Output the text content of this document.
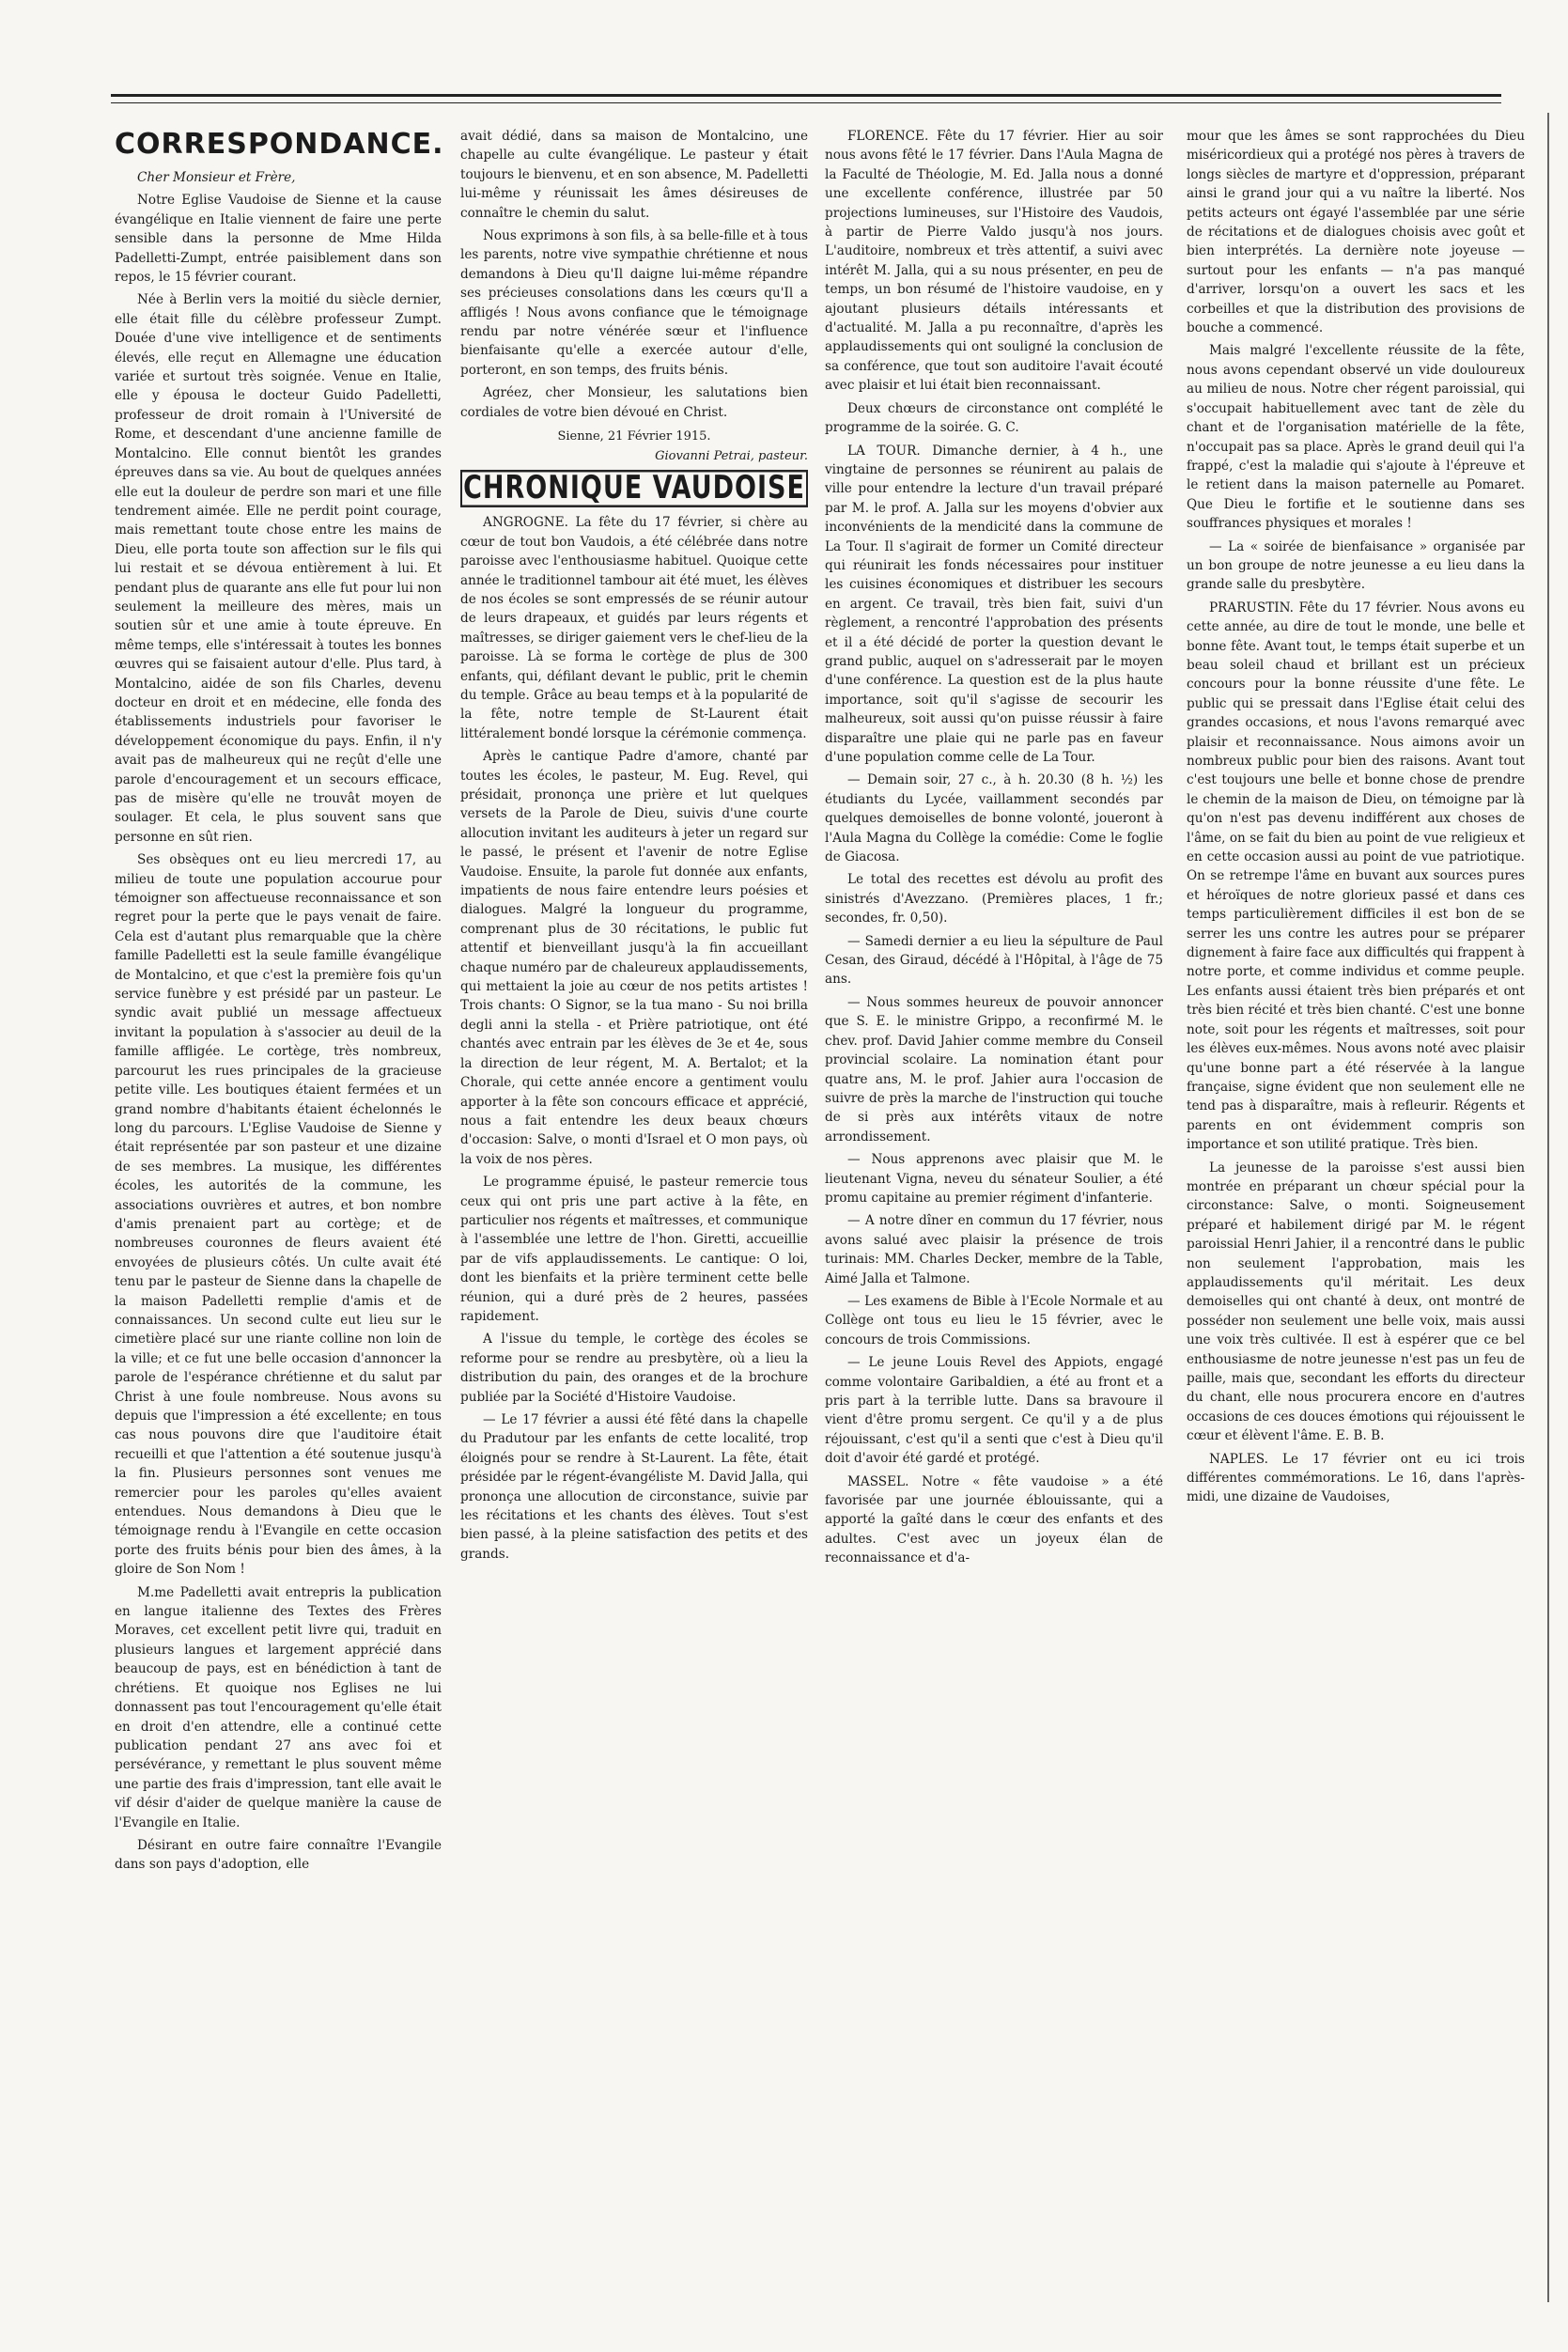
CORRESPONDANCE.

Cher Monsieur et Frère,

Notre Eglise Vaudoise de Sienne et la cause évangélique en Italie viennent de faire une perte sensible dans la personne de Mme Hilda Padelletti-Zumpt, entrée paisiblement dans son repos, le 15 février courant.

Née à Berlin vers la moitié du siècle dernier, elle était fille du célèbre professeur Zumpt. Douée d'une vive intelligence et de sentiments élevés, elle reçut en Allemagne une éducation variée et surtout très soignée. Venue en Italie, elle y épousa le docteur Guido Padelletti, professeur de droit romain à l'Université de Rome, et descendant d'une ancienne famille de Montalcino. Elle connut bientôt les grandes épreuves dans sa vie. Au bout de quelques années elle eut la douleur de perdre son mari et une fille tendrement aimée. Elle ne perdit point courage, mais remettant toute chose entre les mains de Dieu, elle porta toute son affection sur le fils qui lui restait et se dévoua entièrement à lui. Et pendant plus de quarante ans elle fut pour lui non seulement la meilleure des mères, mais un soutien sûr et une amie à toute épreuve. En même temps, elle s'intéressait à toutes les bonnes œuvres qui se faisaient autour d'elle. Plus tard, à Montalcino, aidée de son fils Charles, devenu docteur en droit et en médecine, elle fonda des établissements industriels pour favoriser le développement économique du pays. Enfin, il n'y avait pas de malheureux qui ne reçût d'elle une parole d'encouragement et un secours efficace, pas de misère qu'elle ne trouvât moyen de soulager. Et cela, le plus souvent sans que personne en sût rien.

Ses obsèques ont eu lieu mercredi 17, au milieu de toute une population accourue pour témoigner son affectueuse reconnaissance et son regret pour la perte que le pays venait de faire. Cela est d'autant plus remarquable que la chère famille Padelletti est la seule famille évangélique de Montalcino, et que c'est la première fois qu'un service funèbre y est présidé par un pasteur. Le syndic avait publié un message affectueux invitant la population à s'associer au deuil de la famille affligée. Le cortège, très nombreux, parcourut les rues principales de la gracieuse petite ville. Les boutiques étaient fermées et un grand nombre d'habitants étaient échelonnés le long du parcours. L'Eglise Vaudoise de Sienne y était représentée par son pasteur et une dizaine de ses membres. La musique, les différentes écoles, les autorités de la commune, les associations ouvrières et autres, et bon nombre d'amis prenaient part au cortège; et de nombreuses couronnes de fleurs avaient été envoyées de plusieurs côtés. Un culte avait été tenu par le pasteur de Sienne dans la chapelle de la maison Padelletti remplie d'amis et de connaissances. Un second culte eut lieu sur le cimetière placé sur une riante colline non loin de la ville; et ce fut une belle occasion d'annoncer la parole de l'espérance chrétienne et du salut par Christ à une foule nombreuse. Nous avons su depuis que l'impression a été excellente; en tous cas nous pouvons dire que l'auditoire était recueilli et que l'attention a été soutenue jusqu'à la fin. Plusieurs personnes sont venues me remercier pour les paroles qu'elles avaient entendues. Nous demandons à Dieu que le témoignage rendu à l'Evangile en cette occasion porte des fruits bénis pour bien des âmes, à la gloire de Son Nom !

M.me Padelletti avait entrepris la publication en langue italienne des Textes des Frères Moraves, cet excellent petit livre qui, traduit en plusieurs langues et largement apprécié dans beaucoup de pays, est en bénédiction à tant de chrétiens. Et quoique nos Eglises ne lui donnassent pas tout l'encouragement qu'elle était en droit d'en attendre, elle a continué cette publication pendant 27 ans avec foi et persévérance, y remettant le plus souvent même une partie des frais d'impression, tant elle avait le vif désir d'aider de quelque manière la cause de l'Evangile en Italie.

Désirant en outre faire connaître l'Evangile dans son pays d'adoption, elle

avait dédié, dans sa maison de Montalcino, une chapelle au culte évangélique. Le pasteur y était toujours le bienvenu, et en son absence, M. Padelletti lui-même y réunissait les âmes désireuses de connaître le chemin du salut.

Nous exprimons à son fils, à sa belle-fille et à tous les parents, notre vive sympathie chrétienne et nous demandons à Dieu qu'Il daigne lui-même répandre ses précieuses consolations dans les cœurs qu'Il a affligés ! Nous avons confiance que le témoignage rendu par notre vénérée sœur et l'influence bienfaisante qu'elle a exercée autour d'elle, porteront, en son temps, des fruits bénis.

Agréez, cher Monsieur, les salutations bien cordiales de votre bien dévoué en Christ.

Sienne, 21 Février 1915.
Giovanni Petrai, pasteur.
CHRONIQUE VAUDOISE

ANGROGNE. La fête du 17 février, si chère au cœur de tout bon Vaudois, a été célébrée dans notre paroisse avec l'enthousiasme habituel. Quoique cette année le traditionnel tambour ait été muet, les élèves de nos écoles se sont empressés de se réunir autour de leurs drapeaux, et guidés par leurs régents et maîtresses, se diriger gaiement vers le chef-lieu de la paroisse. Là se forma le cortège de plus de 300 enfants, qui, défilant devant le public, prit le chemin du temple. Grâce au beau temps et à la popularité de la fête, notre temple de St-Laurent était littéralement bondé lorsque la cérémonie commença.

Après le cantique Padre d'amore, chanté par toutes les écoles, le pasteur, M. Eug. Revel, qui présidait, prononça une prière et lut quelques versets de la Parole de Dieu, suivis d'une courte allocution invitant les auditeurs à jeter un regard sur le passé, le présent et l'avenir de notre Eglise Vaudoise. Ensuite, la parole fut donnée aux enfants, impatients de nous faire entendre leurs poésies et dialogues. Malgré la longueur du programme, comprenant plus de 30 récitations, le public fut attentif et bienveillant jusqu'à la fin accueillant chaque numéro par de chaleureux applaudissements, qui mettaient la joie au cœur de nos petits artistes ! Trois chants: O Signor, se la tua mano - Su noi brilla degli anni la stella - et Prière patriotique, ont été chantés avec entrain par les élèves de 3e et 4e, sous la direction de leur régent, M. A. Bertalot; et la Chorale, qui cette année encore a gentiment voulu apporter à la fête son concours efficace et apprécié, nous a fait entendre les deux beaux chœurs d'occasion: Salve, o monti d'Israel et O mon pays, où la voix de nos pères.

Le programme épuisé, le pasteur remercie tous ceux qui ont pris une part active à la fête, en particulier nos régents et maîtresses, et communique à l'assemblée une lettre de l'hon. Giretti, accueillie par de vifs applaudissements. Le cantique: O loi, dont les bienfaits et la prière terminent cette belle réunion, qui a duré près de 2 heures, passées rapidement.

A l'issue du temple, le cortège des écoles se reforme pour se rendre au presbytère, où a lieu la distribution du pain, des oranges et de la brochure publiée par la Société d'Histoire Vaudoise.

— Le 17 février a aussi été fêté dans la chapelle du Pradutour par les enfants de cette localité, trop éloignés pour se rendre à St-Laurent. La fête, était présidée par le régent-évangéliste M. David Jalla, qui prononça une allocution de circonstance, suivie par les récitations et les chants des élèves. Tout s'est bien passé, à la pleine satisfaction des petits et des grands.

FLORENCE. Fête du 17 février. Hier au soir nous avons fêté le 17 février. Dans l'Aula Magna de la Faculté de Théologie, M. Ed. Jalla nous a donné une excellente conférence, illustrée par 50 projections lumineuses, sur l'Histoire des Vaudois, à partir de Pierre Valdo jusqu'à nos jours. L'auditoire, nombreux et très attentif, a suivi avec intérêt M. Jalla, qui a su nous présenter, en peu de temps, un bon résumé de l'histoire vaudoise, en y ajoutant plusieurs détails intéressants et d'actualité. M. Jalla a pu reconnaître, d'après les applaudissements qui ont souligné la conclusion de sa conférence, que tout son auditoire l'avait écouté avec plaisir et lui était bien reconnaissant.

Deux chœurs de circonstance ont complété le programme de la soirée. G. C.

LA TOUR. Dimanche dernier, à 4 h., une vingtaine de personnes se réunirent au palais de ville pour entendre la lecture d'un travail préparé par M. le prof. A. Jalla sur les moyens d'obvier aux inconvénients de la mendicité dans la commune de La Tour. Il s'agirait de former un Comité directeur qui réunirait les fonds nécessaires pour instituer les cuisines économiques et distribuer les secours en argent. Ce travail, très bien fait, suivi d'un règlement, a rencontré l'approbation des présents et il a été décidé de porter la question devant le grand public, auquel on s'adresserait par le moyen d'une conférence. La question est de la plus haute importance, soit qu'il s'agisse de secourir les malheureux, soit aussi qu'on puisse réussir à faire disparaître une plaie qui ne parle pas en faveur d'une population comme celle de La Tour.

— Demain soir, 27 c., à h. 20.30 (8 h. ½) les étudiants du Lycée, vaillamment secondés par quelques demoiselles de bonne volonté, joueront à l'Aula Magna du Collège la comédie: Come le foglie de Giacosa.

Le total des recettes est dévolu au profit des sinistrés d'Avezzano. (Premières places, 1 fr.; secondes, fr. 0,50).

— Samedi dernier a eu lieu la sépulture de Paul Cesan, des Giraud, décédé à l'Hôpital, à l'âge de 75 ans.

— Nous sommes heureux de pouvoir annoncer que S. E. le ministre Grippo, a reconfirmé M. le chev. prof. David Jahier comme membre du Conseil provincial scolaire. La nomination étant pour quatre ans, M. le prof. Jahier aura l'occasion de suivre de près la marche de l'instruction qui touche de si près aux intérêts vitaux de notre arrondissement.

— Nous apprenons avec plaisir que M. le lieutenant Vigna, neveu du sénateur Soulier, a été promu capitaine au premier régiment d'infanterie.

— A notre dîner en commun du 17 février, nous avons salué avec plaisir la présence de trois turinais: MM. Charles Decker, membre de la Table, Aimé Jalla et Talmone.

— Les examens de Bible à l'Ecole Normale et au Collège ont tous eu lieu le 15 février, avec le concours de trois Commissions.

— Le jeune Louis Revel des Appiots, engagé comme volontaire Garibaldien, a été au front et a pris part à la terrible lutte. Dans sa bravoure il vient d'être promu sergent. Ce qu'il y a de plus réjouissant, c'est qu'il a senti que c'est à Dieu qu'il doit d'avoir été gardé et protégé.

MASSEL. Notre « fête vaudoise » a été favorisée par une journée éblouissante, qui a apporté la gaîté dans le cœur des enfants et des adultes. C'est avec un joyeux élan de reconnaissance et d'a-

mour que les âmes se sont rapprochées du Dieu miséricordieux qui a protégé nos pères à travers de longs siècles de martyre et d'oppression, préparant ainsi le grand jour qui a vu naître la liberté. Nos petits acteurs ont égayé l'assemblée par une série de récitations et de dialogues choisis avec goût et bien interprétés. La dernière note joyeuse — surtout pour les enfants — n'a pas manqué d'arriver, lorsqu'on a ouvert les sacs et les corbeilles et que la distribution des provisions de bouche a commencé.

Mais malgré l'excellente réussite de la fête, nous avons cependant observé un vide douloureux au milieu de nous. Notre cher régent paroissial, qui s'occupait habituellement avec tant de zèle du chant et de l'organisation matérielle de la fête, n'occupait pas sa place. Après le grand deuil qui l'a frappé, c'est la maladie qui s'ajoute à l'épreuve et le retient dans la maison paternelle au Pomaret. Que Dieu le fortifie et le soutienne dans ses souffrances physiques et morales !

— La « soirée de bienfaisance » organisée par un bon groupe de notre jeunesse a eu lieu dans la grande salle du presbytère.

PRARUSTIN. Fête du 17 février. Nous avons eu cette année, au dire de tout le monde, une belle et bonne fête. Avant tout, le temps était superbe et un beau soleil chaud et brillant est un précieux concours pour la bonne réussite d'une fête. Le public qui se pressait dans l'Eglise était celui des grandes occasions, et nous l'avons remarqué avec plaisir et reconnaissance. Nous aimons avoir un nombreux public pour bien des raisons. Avant tout c'est toujours une belle et bonne chose de prendre le chemin de la maison de Dieu, on témoigne par là qu'on n'est pas devenu indifférent aux choses de l'âme, on se fait du bien au point de vue religieux et en cette occasion aussi au point de vue patriotique. On se retrempe l'âme en buvant aux sources pures et héroïques de notre glorieux passé et dans ces temps particulièrement difficiles il est bon de se serrer les uns contre les autres pour se préparer dignement à faire face aux difficultés qui frappent à notre porte, et comme individus et comme peuple. Les enfants aussi étaient très bien préparés et ont très bien récité et très bien chanté. C'est une bonne note, soit pour les régents et maîtresses, soit pour les élèves eux-mêmes. Nous avons noté avec plaisir qu'une bonne part a été réservée à la langue française, signe évident que non seulement elle ne tend pas à disparaître, mais à refleurir. Régents et parents en ont évidemment compris son importance et son utilité pratique. Très bien.

La jeunesse de la paroisse s'est aussi bien montrée en préparant un chœur spécial pour la circonstance: Salve, o monti. Soigneusement préparé et habilement dirigé par M. le régent paroissial Henri Jahier, il a rencontré dans le public non seulement l'approbation, mais les applaudissements qu'il méritait. Les deux demoiselles qui ont chanté à deux, ont montré de posséder non seulement une belle voix, mais aussi une voix très cultivée. Il est à espérer que ce bel enthousiasme de notre jeunesse n'est pas un feu de paille, mais que, secondant les efforts du directeur du chant, elle nous procurera encore en d'autres occasions de ces douces émotions qui réjouissent le cœur et élèvent l'âme. E. B. B.

NAPLES. Le 17 février ont eu ici trois différentes commémorations. Le 16, dans l'après-midi, une dizaine de Vaudoises,
